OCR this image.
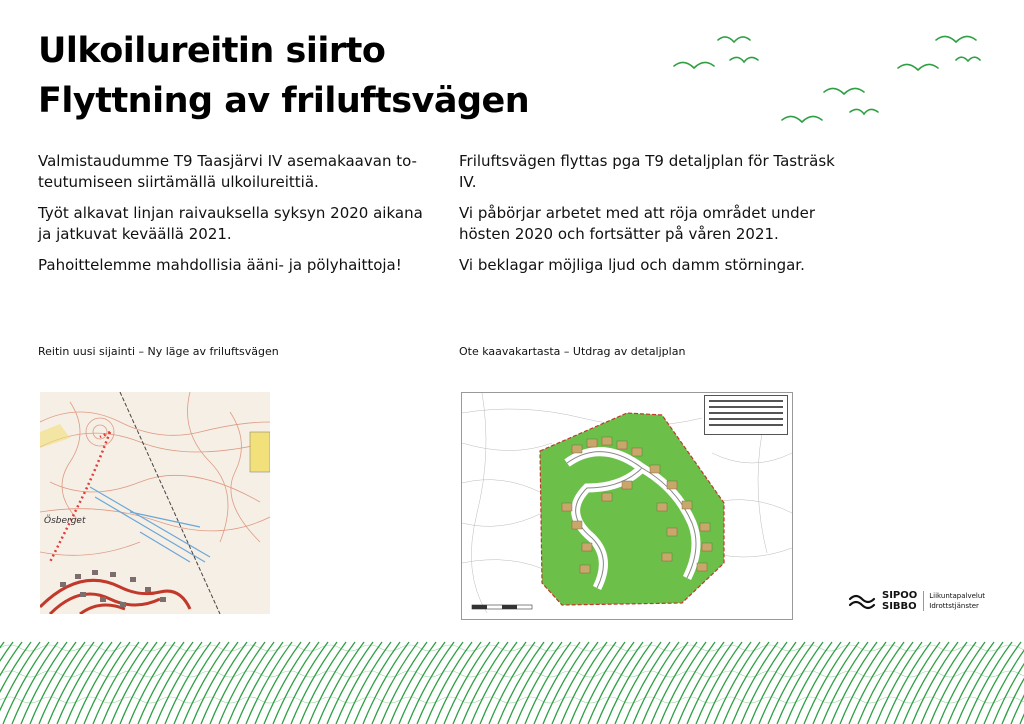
Ulkoilureitin siirto
Flyttning av friluftsvägen

Valmistaudumme T9 Taasjärvi IV asemakaavan to-teutumiseen siirtämällä ulkoilureittiä.

Työt alkavat linjan raivauksella syksyn 2020 aikana ja jatkuvat keväällä 2021.

Pahoittelemme mahdollisia ääni- ja pölyhaittoja!

Friluftsvägen flyttas pga T9 detaljplan för Tasträsk IV.

Vi påbörjar arbetet med att röja området under hösten 2020 och fortsätter på våren 2021.

Vi beklagar möjliga ljud och damm störningar.

Reitin uusi sijainti – Ny läge av friluftsvägen	Ote kaavakartasta – Utdrag av detaljplan
Ösberget
SIPOO
SIBBO
Liikuntapalvelut
Idrottstjänster
